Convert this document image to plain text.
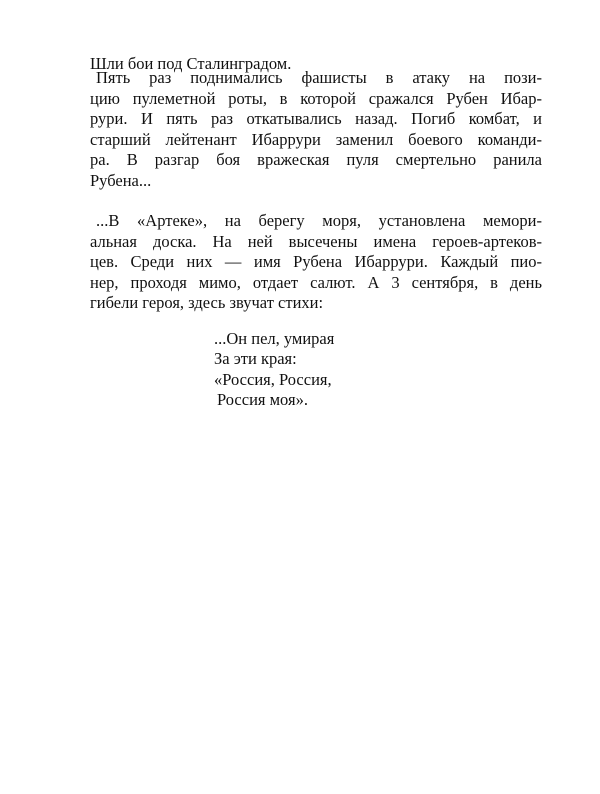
Шли бои под Сталинградом.

Пять раз поднимались фашисты в атаку на пози-
цию пулеметной роты, в которой сражался Рубен Ибар-
рури. И пять раз откатывались назад. Погиб комбат, и
старший лейтенант Ибаррури заменил боевого команди-
ра. В разгар боя вражеская пуля смертельно ранила
Рубена...

...В «Артеке», на берегу моря, установлена мемори-
альная доска. На ней высечены имена героев-артеков-
цев. Среди них — имя Рубена Ибаррури. Каждый пио-
нер, проходя мимо, отдает салют. А 3 сентября, в день
гибели героя, здесь звучат стихи:

...Он пел, умирая
За эти края:
«Россия, Россия,
Россия моя».
